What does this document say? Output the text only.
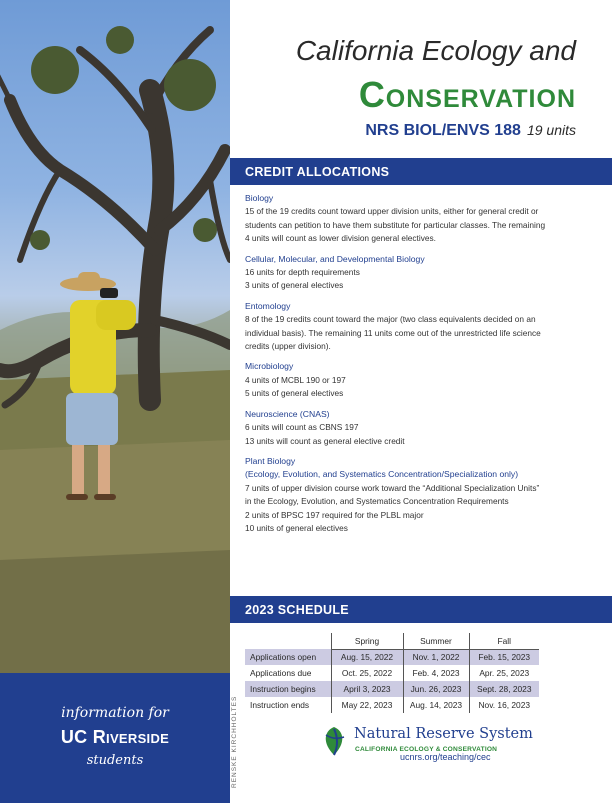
RENSKE KIRCHHOLTES
information for
UC Riverside
students
California Ecology and
Conservation
NRS BIOL/ENVS 188 19 units
CREDIT ALLOCATIONS
Biology
15 of the 19 credits count toward upper division units, either for general credit or
students can petition to have them substitute for particular classes. The remaining
4 units will count as lower division general electives.
Cellular, Molecular, and Developmental Biology
16 units for depth requirements
3 units of general electives
Entomology
8 of the 19 credits count toward the major (two class equivalents decided on an
individual basis). The remaining 11 units come out of the unrestricted life science
credits (upper division).
Microbiology
4 units of MCBL 190 or 197
5 units of general electives
Neuroscience (CNAS)
6 units will count as CBNS 197
13 units will count as general elective credit
Plant Biology
(Ecology, Evolution, and Systematics Concentration/Specialization only)
7 units of upper division course work toward the “Additional Specialization Units”
in the Ecology, Evolution, and Systematics Concentration Requirements
2 units of BPSC 197 required for the PLBL major
10 units of general electives
2023 SCHEDULE
	Spring	Summer	Fall
Applications open	Aug. 15, 2022	Nov. 1, 2022	Feb. 15, 2023
Applications due	Oct. 25, 2022	Feb. 4, 2023	Apr. 25, 2023
Instruction begins	April 3, 2023	Jun. 26, 2023	Sept. 28, 2023
Instruction ends	May 22, 2023	Aug. 14, 2023	Nov. 16, 2023
Natural Reserve System
CALIFORNIA ECOLOGY & CONSERVATION
ucnrs.org/teaching/cec
